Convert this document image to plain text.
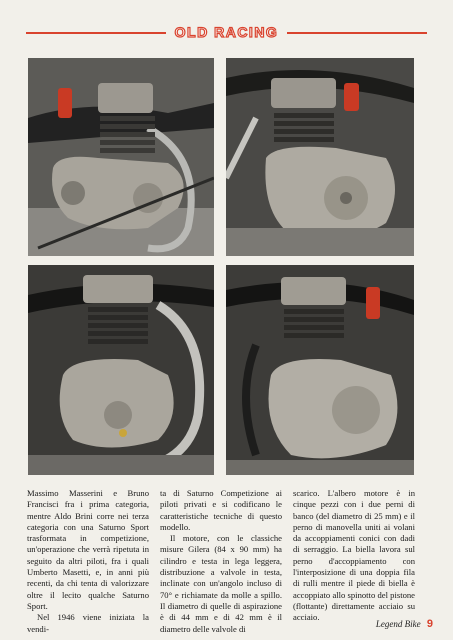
OLD RACING

Massimo Masserini e Bruno Francisci fra i prima categoria, mentre Aldo Brini corre nei terza categoria con una Saturno Sport trasformata in competizione, un'operazione che verrà ripetuta in seguito da altri piloti, fra i quali Umberto Masetti, e, in anni più recenti, da chi tenta di valorizzare oltre il lecito qualche Saturno Sport.

Nel 1946 viene iniziata la vendi-

ta di Saturno Competizione ai piloti privati e si codificano le caratteristiche tecniche di questo modello.

Il motore, con le classiche misure Gilera (84 x 90 mm) ha cilindro e testa in lega leggera, distribuzione a valvole in testa, inclinate con un'angolo incluso di 70° e richiamate da molle a spillo. Il diametro di quelle di aspirazione è di 44 mm e di 42 mm è il diametro delle valvole di

scarico. L'albero motore è in cinque pezzi con i due perni di banco (del diametro di 25 mm) e il perno di manovella uniti ai volani da accoppiamenti conici con dadi di serraggio. La biella lavora sul perno d'accoppiamento con l'interposizione di una doppia fila di rulli mentre il piede di biella è accoppiato allo spinotto del pistone (flottante) direttamente acciaio su acciaio.

Legend Bike 9
